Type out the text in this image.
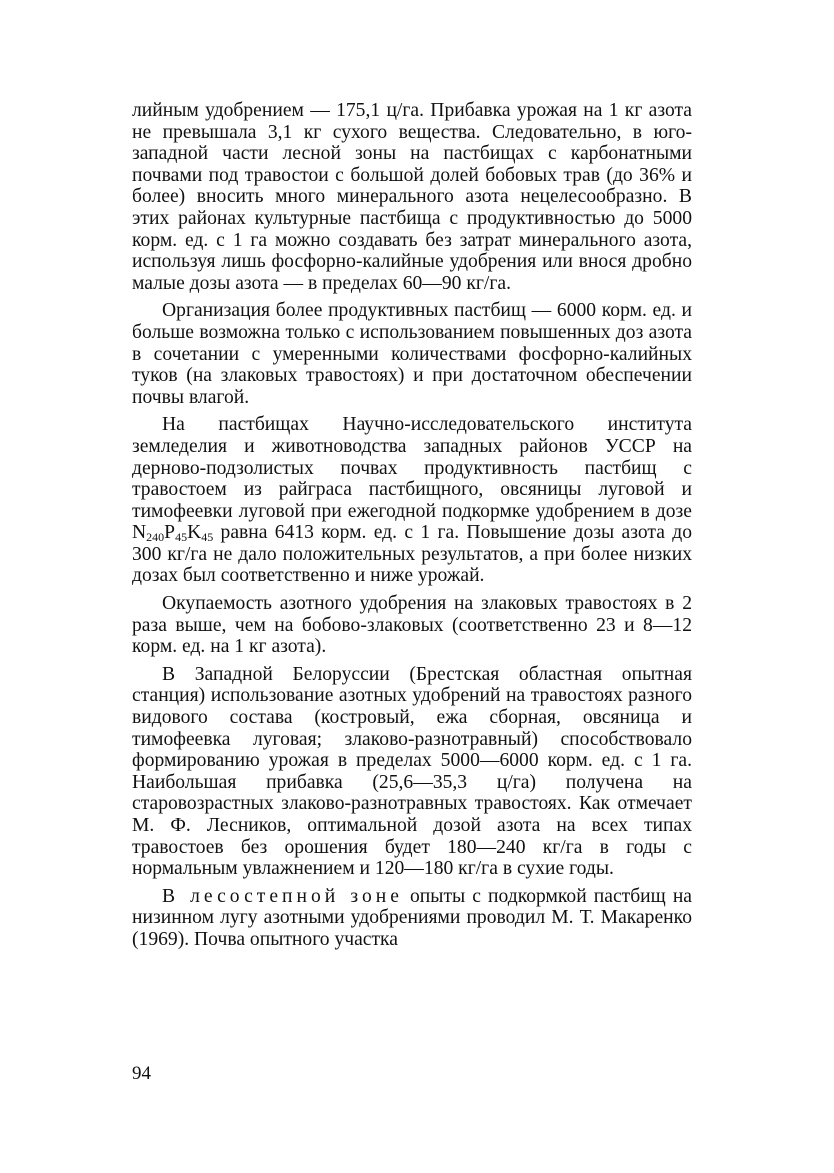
лийным удобрением — 175,1 ц/га. Прибавка урожая на 1 кг азота не превышала 3,1 кг сухого вещества. Следовательно, в юго-западной части лесной зоны на пастбищах с карбонатными почвами под травостои с большой долей бобовых трав (до 36% и более) вносить много минерального азота нецелесообразно. В этих районах культурные пастбища с продуктивностью до 5000 корм. ед. с 1 га можно создавать без затрат минерального азота, используя лишь фосфорно-калийные удобрения или внося дробно малые дозы азота — в пределах 60—90 кг/га.

Организация более продуктивных пастбищ — 6000 корм. ед. и больше возможна только с использованием повышенных доз азота в сочетании с умеренными количествами фосфорно-калийных туков (на злаковых травостоях) и при достаточном обеспечении почвы влагой.

На пастбищах Научно-исследовательского института земледелия и животноводства западных районов УССР на дерново-подзолистых почвах продуктивность пастбищ с травостоем из райграса пастбищного, овсяницы луговой и тимофеевки луговой при ежегодной подкормке удобрением в дозе $N_{240}P_{45}K_{45}$ равна 6413 корм. ед. с 1 га. Повышение дозы азота до 300 кг/га не дало положительных результатов, а при более низких дозах был соответственно и ниже урожай.

Окупаемость азотного удобрения на злаковых травостоях в 2 раза выше, чем на бобово-злаковых (соответственно 23 и 8—12 корм. ед. на 1 кг азота).

В Западной Белоруссии (Брестская областная опытная станция) использование азотных удобрений на травостоях разного видового состава (костровый, ежа сборная, овсяница и тимофеевка луговая; злаково-разнотравный) способствовало формированию урожая в пределах 5000—6000 корм. ед. с 1 га. Наибольшая прибавка (25,6—35,3 ц/га) получена на старовозрастных злаково-разнотравных травостоях. Как отмечает М. Ф. Лесников, оптимальной дозой азота на всех типах травостоев без орошения будет 180—240 кг/га в годы с нормальным увлажнением и 120—180 кг/га в сухие годы.

В лесостепной зоне опыты с подкормкой пастбищ на низинном лугу азотными удобрениями проводил М. Т. Макаренко (1969). Почва опытного участка

94
